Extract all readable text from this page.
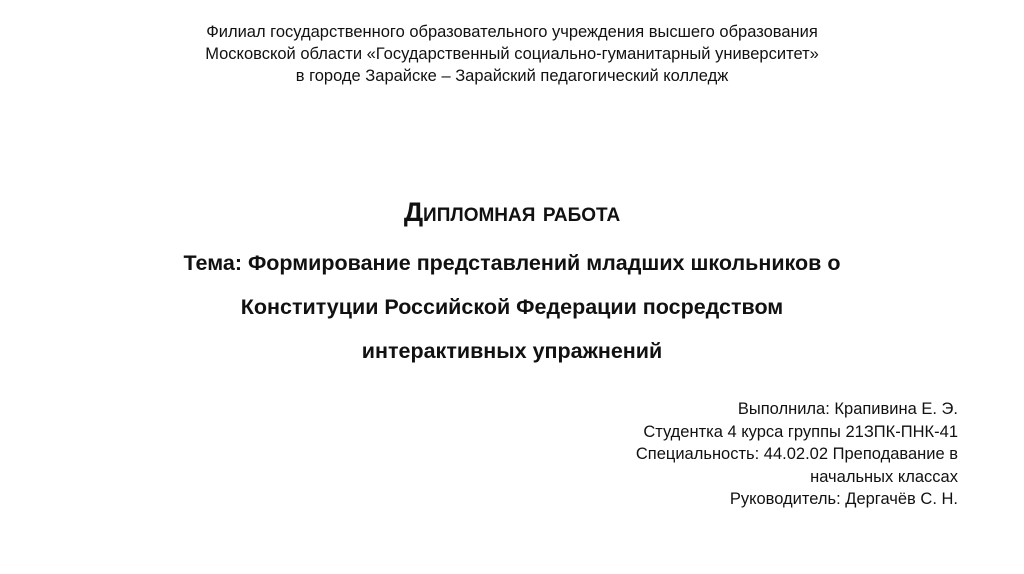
Филиал государственного образовательного учреждения высшего образования
Московской области «Государственный социально-гуманитарный университет»
в городе Зарайске – Зарайский педагогический колледж
Дипломная работа
Тема: Формирование представлений младших школьников о
Конституции Российской Федерации посредством
интерактивных упражнений
Выполнила: Крапивина Е. Э.
Студентка 4 курса группы 21ЗПК-ПНК-41
Специальность: 44.02.02 Преподавание в
начальных классах
Руководитель: Дергачёв С. Н.
